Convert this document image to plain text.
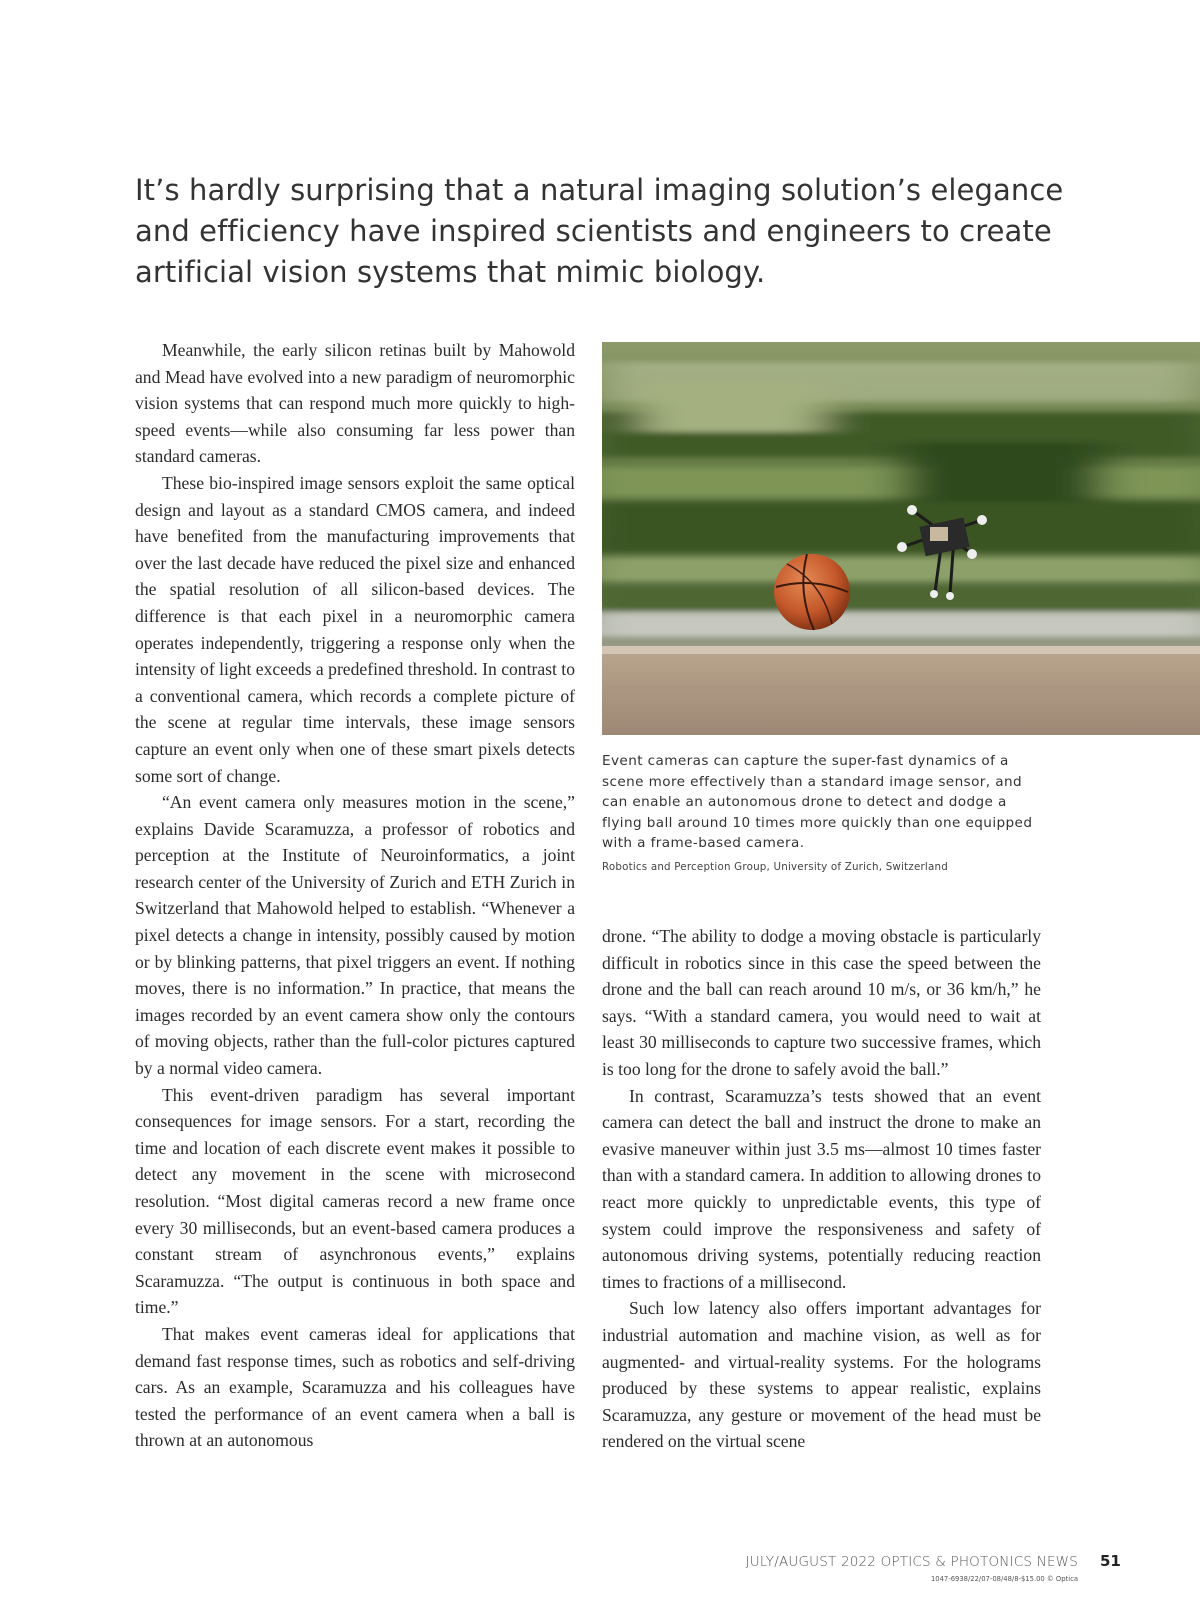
It’s hardly surprising that a natural imaging solution’s elegance and efficiency have inspired scientists and engineers to create artificial vision systems that mimic biology.

Meanwhile, the early silicon retinas built by Mahowold and Mead have evolved into a new paradigm of neuromorphic vision systems that can respond much more quickly to high-speed events—while also consuming far less power than standard cameras.

These bio-inspired image sensors exploit the same optical design and layout as a standard CMOS camera, and indeed have benefited from the manufacturing improvements that over the last decade have reduced the pixel size and enhanced the spatial resolution of all silicon-based devices. The difference is that each pixel in a neuromorphic camera operates independently, triggering a response only when the intensity of light exceeds a predefined threshold. In contrast to a conventional camera, which records a complete picture of the scene at regular time intervals, these image sensors capture an event only when one of these smart pixels detects some sort of change.

“An event camera only measures motion in the scene,” explains Davide Scaramuzza, a professor of robotics and perception at the Institute of Neuroinformatics, a joint research center of the University of Zurich and ETH Zurich in Switzerland that Mahowold helped to establish. “Whenever a pixel detects a change in intensity, possibly caused by motion or by blinking patterns, that pixel triggers an event. If nothing moves, there is no information.” In practice, that means the images recorded by an event camera show only the contours of moving objects, rather than the full-color pictures captured by a normal video camera.

This event-driven paradigm has several important consequences for image sensors. For a start, recording the time and location of each discrete event makes it possible to detect any movement in the scene with microsecond resolution. “Most digital cameras record a new frame once every 30 milliseconds, but an event-based camera produces a constant stream of asynchronous events,” explains Scaramuzza. “The output is continuous in both space and time.”

That makes event cameras ideal for applications that demand fast response times, such as robotics and self-driving cars. As an example, Scaramuzza and his colleagues have tested the performance of an event camera when a ball is thrown at an autonomous

Event cameras can capture the super-fast dynamics of a scene more effectively than a standard image sensor, and can enable an autonomous drone to detect and dodge a flying ball around 10 times more quickly than one equipped with a frame-based camera.
Robotics and Perception Group, University of Zurich, Switzerland

drone. “The ability to dodge a moving obstacle is particularly difficult in robotics since in this case the speed between the drone and the ball can reach around 10 m/s, or 36 km/h,” he says. “With a standard camera, you would need to wait at least 30 milliseconds to capture two successive frames, which is too long for the drone to safely avoid the ball.”

In contrast, Scaramuzza’s tests showed that an event camera can detect the ball and instruct the drone to make an evasive maneuver within just 3.5 ms—almost 10 times faster than with a standard camera. In addition to allowing drones to react more quickly to unpredictable events, this type of system could improve the responsiveness and safety of autonomous driving systems, potentially reducing reaction times to fractions of a millisecond.

Such low latency also offers important advantages for industrial automation and machine vision, as well as for augmented- and virtual-reality systems. For the holograms produced by these systems to appear realistic, explains Scaramuzza, any gesture or movement of the head must be rendered on the virtual scene

JULY/AUGUST 2022 OPTICS & PHOTONICS NEWS 51
1047-6938/22/07-08/48/8-$15.00 © Optica
